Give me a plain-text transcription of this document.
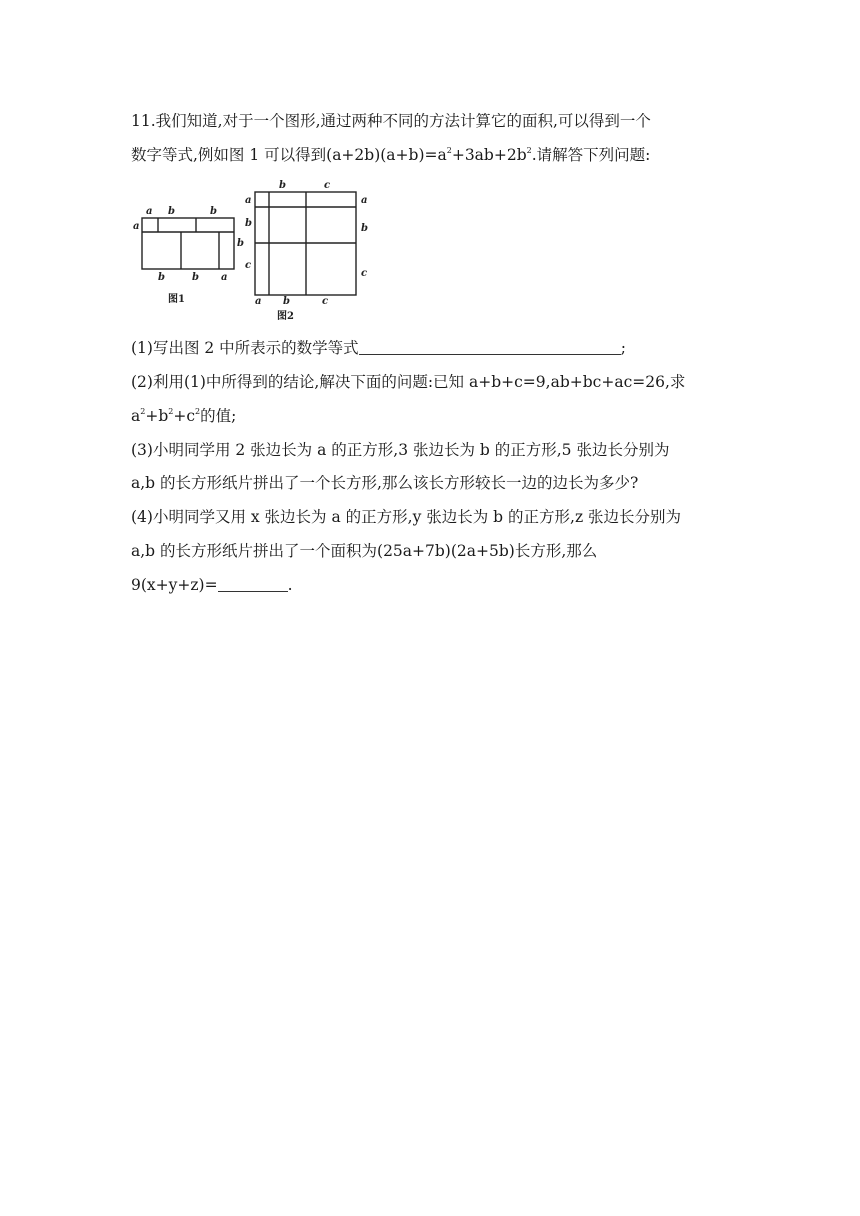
11.我们知道,对于一个图形,通过两种不同的方法计算它的面积,可以得到一个
数字等式,例如图 1 可以得到$(a+2b)(a+b)=a^2+3ab+2b^2$.请解答下列问题:
a b	b
a
b
b	b a
图1
b	c
a
b
c
a
b
c
a b	c
图2
(1)写出图 2 中所表示的数学等式	;
(2)利用(1)中所得到的结论,解决下面的问题:已知 a+b+c=9,ab+bc+ac=26,求
$a^2+b^2+c^2$的值;
(3)小明同学用 2 张边长为 a 的正方形,3 张边长为 b 的正方形,5 张边长分别为
a,b 的长方形纸片拼出了一个长方形,那么该长方形较长一边的边长为多少?
(4)小明同学又用 x 张边长为 a 的正方形,y 张边长为 b 的正方形,z 张边长分别为
a,b 的长方形纸片拼出了一个面积为(25a+7b)(2a+5b)长方形,那么
9(x+y+z)=	.
